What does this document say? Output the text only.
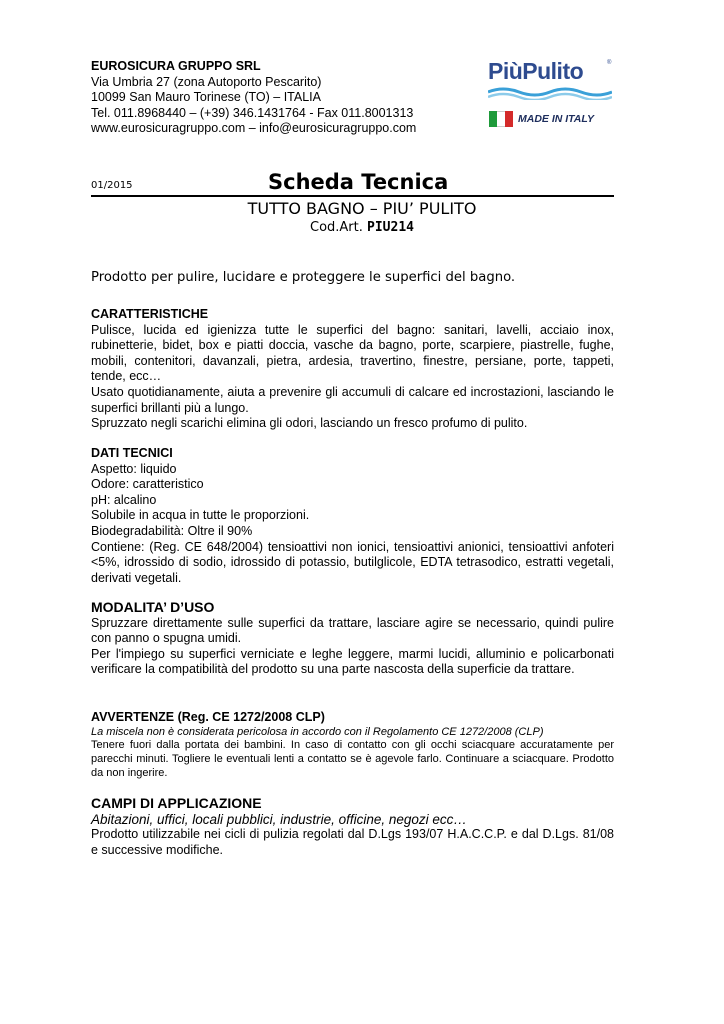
EUROSICURA GRUPPO SRL
Via Umbria 27 (zona Autoporto Pescarito)
10099 San Mauro Torinese (TO) – ITALIA
Tel. 011.8968440 – (+39) 346.1431764 - Fax 011.8001313
www.eurosicuragruppo.com – info@eurosicuragruppo.com
PiùPulito	®
MADE IN ITALY
01/2015	Scheda Tecnica
TUTTO BAGNO – PIU’ PULITO
Cod.Art. PIU214
Prodotto per pulire, lucidare e proteggere le superfici del bagno.

CARATTERISTICHE

Pulisce, lucida ed igienizza tutte le superfici del bagno: sanitari, lavelli, acciaio inox, rubinetterie, bidet, box e piatti doccia, vasche da bagno, porte, scarpiere, piastrelle, fughe, mobili, contenitori, davanzali, pietra, ardesia, travertino, finestre, persiane, porte, tappeti, tende, ecc…

Usato quotidianamente, aiuta a prevenire gli accumuli di calcare ed incrostazioni, lasciando le superfici brillanti più a lungo.

Spruzzato negli scarichi elimina gli odori, lasciando un fresco profumo di pulito.

DATI TECNICI

Aspetto: liquido

Odore: caratteristico

pH: alcalino

Solubile in acqua in tutte le proporzioni.

Biodegradabilità: Oltre il 90%

Contiene: (Reg. CE 648/2004) tensioattivi non ionici, tensioattivi anionici, tensioattivi anfoteri <5%, idrossido di sodio, idrossido di potassio, butilglicole, EDTA tetrasodico, estratti vegetali, derivati vegetali.

MODALITA’ D’USO

Spruzzare direttamente sulle superfici da trattare, lasciare agire se necessario, quindi pulire con panno o spugna umidi.

Per l'impiego su superfici verniciate e leghe leggere, marmi lucidi, alluminio e policarbonati verificare la compatibilità del prodotto su una parte nascosta della superficie da trattare.

AVVERTENZE (Reg. CE 1272/2008 CLP)

La miscela non è considerata pericolosa in accordo con il Regolamento CE 1272/2008 (CLP)

Tenere fuori dalla portata dei bambini. In caso di contatto con gli occhi sciacquare accuratamente per parecchi minuti. Togliere le eventuali lenti a contatto se è agevole farlo. Continuare a sciacquare. Prodotto da non ingerire.

CAMPI DI APPLICAZIONE

Abitazioni, uffici, locali pubblici, industrie, officine, negozi ecc…

Prodotto utilizzabile nei cicli di pulizia regolati dal D.Lgs 193/07 H.A.C.C.P. e dal D.Lgs. 81/08 e successive modifiche.
